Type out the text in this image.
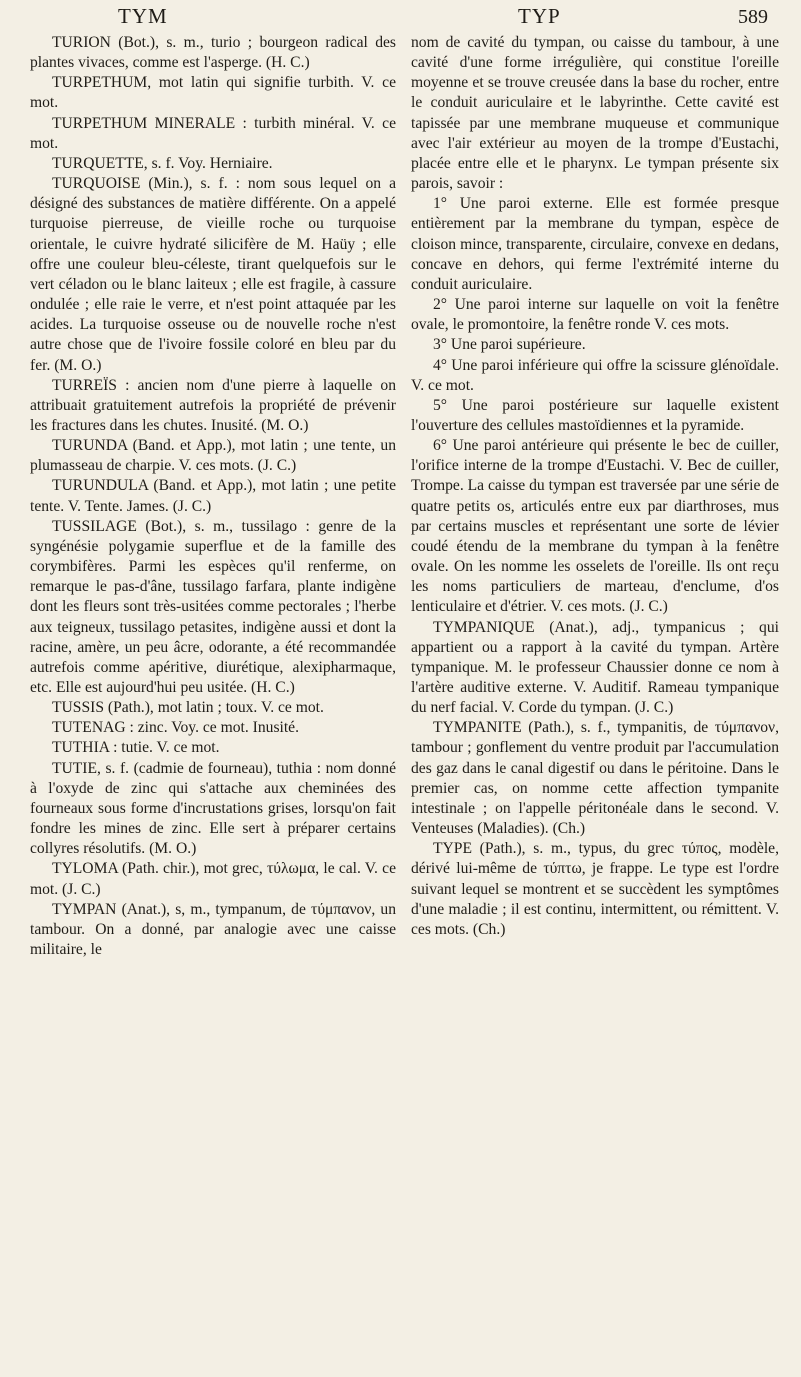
TYM	TYP	589

TURION (Bot.), s. m., turio ; bourgeon radical des plantes vivaces, comme est l'asperge. (H. C.)

TURPETHUM, mot latin qui signifie turbith. V. ce mot.

TURPETHUM MINERALE : turbith minéral. V. ce mot.

TURQUETTE, s. f. Voy. Herniaire.

TURQUOISE (Min.), s. f. : nom sous lequel on a désigné des substances de matière différente. On a appelé turquoise pierreuse, de vieille roche ou turquoise orientale, le cuivre hydraté silicifère de M. Haüy ; elle offre une couleur bleu-céleste, tirant quelquefois sur le vert céladon ou le blanc laiteux ; elle est fragile, à cassure ondulée ; elle raie le verre, et n'est point attaquée par les acides. La turquoise osseuse ou de nouvelle roche n'est autre chose que de l'ivoire fossile coloré en bleu par du fer. (M. O.)

TURREÏS : ancien nom d'une pierre à laquelle on attribuait gratuitement autrefois la propriété de prévenir les fractures dans les chutes. Inusité. (M. O.)

TURUNDA (Band. et App.), mot latin ; une tente, un plumasseau de charpie. V. ces mots. (J. C.)

TURUNDULA (Band. et App.), mot latin ; une petite tente. V. Tente. James. (J. C.)

TUSSILAGE (Bot.), s. m., tussilago : genre de la syngénésie polygamie superflue et de la famille des corymbifères. Parmi les espèces qu'il renferme, on remarque le pas-d'âne, tussilago farfara, plante indigène dont les fleurs sont très-usitées comme pectorales ; l'herbe aux teigneux, tussilago petasites, indigène aussi et dont la racine, amère, un peu âcre, odorante, a été recommandée autrefois comme apéritive, diurétique, alexipharmaque, etc. Elle est aujourd'hui peu usitée. (H. C.)

TUSSIS (Path.), mot latin ; toux. V. ce mot.

TUTENAG : zinc. Voy. ce mot. Inusité.

TUTHIA : tutie. V. ce mot.

TUTIE, s. f. (cadmie de fourneau), tuthia : nom donné à l'oxyde de zinc qui s'attache aux cheminées des fourneaux sous forme d'incrustations grises, lorsqu'on fait fondre les mines de zinc. Elle sert à préparer certains collyres résolutifs. (M. O.)

TYLOMA (Path. chir.), mot grec, τύλωμα, le cal. V. ce mot. (J. C.)

TYMPAN (Anat.), s, m., tympanum, de τύμπανον, un tambour. On a donné, par analogie avec une caisse militaire, le

nom de cavité du tympan, ou caisse du tambour, à une cavité d'une forme irrégulière, qui constitue l'oreille moyenne et se trouve creusée dans la base du rocher, entre le conduit auriculaire et le labyrinthe. Cette cavité est tapissée par une membrane muqueuse et communique avec l'air extérieur au moyen de la trompe d'Eustachi, placée entre elle et le pharynx. Le tympan présente six parois, savoir :

1° Une paroi externe. Elle est formée presque entièrement par la membrane du tympan, espèce de cloison mince, transparente, circulaire, convexe en dedans, concave en dehors, qui ferme l'extrémité interne du conduit auriculaire.

2° Une paroi interne sur laquelle on voit la fenêtre ovale, le promontoire, la fenêtre ronde V. ces mots.

3° Une paroi supérieure.

4° Une paroi inférieure qui offre la scissure glénoïdale. V. ce mot.

5° Une paroi postérieure sur laquelle existent l'ouverture des cellules mastoïdiennes et la pyramide.

6° Une paroi antérieure qui présente le bec de cuiller, l'orifice interne de la trompe d'Eustachi. V. Bec de cuiller, Trompe. La caisse du tympan est traversée par une série de quatre petits os, articulés entre eux par diarthroses, mus par certains muscles et représentant une sorte de lévier coudé étendu de la membrane du tympan à la fenêtre ovale. On les nomme les osselets de l'oreille. Ils ont reçu les noms particuliers de marteau, d'enclume, d'os lenticulaire et d'étrier. V. ces mots. (J. C.)

TYMPANIQUE (Anat.), adj., tympanicus ; qui appartient ou a rapport à la cavité du tympan. Artère tympanique. M. le professeur Chaussier donne ce nom à l'artère auditive externe. V. Auditif. Rameau tympanique du nerf facial. V. Corde du tympan. (J. C.)

TYMPANITE (Path.), s. f., tympanitis, de τύμπανον, tambour ; gonflement du ventre produit par l'accumulation des gaz dans le canal digestif ou dans le péritoine. Dans le premier cas, on nomme cette affection tympanite intestinale ; on l'appelle péritonéale dans le second. V. Venteuses (Maladies). (Ch.)

TYPE (Path.), s. m., typus, du grec τύπος, modèle, dérivé lui-même de τύπτω, je frappe. Le type est l'ordre suivant lequel se montrent et se succèdent les symptômes d'une maladie ; il est continu, intermittent, ou rémittent. V. ces mots. (Ch.)
